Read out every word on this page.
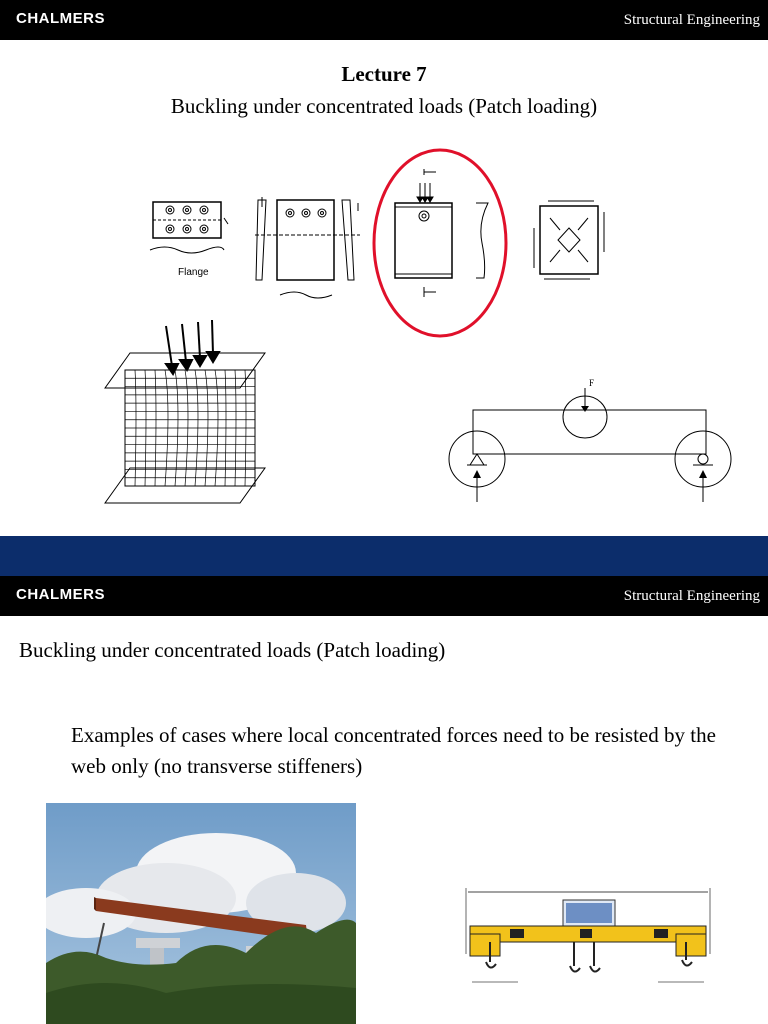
CHALMERS	Structural Engineering
Lecture 7
Buckling under concentrated loads (Patch loading)
Flange
F
CHALMERS	Structural Engineering
Buckling under concentrated loads (Patch loading)
Examples of cases where local concentrated forces need to be resisted by the web only (no transverse stiffeners)
